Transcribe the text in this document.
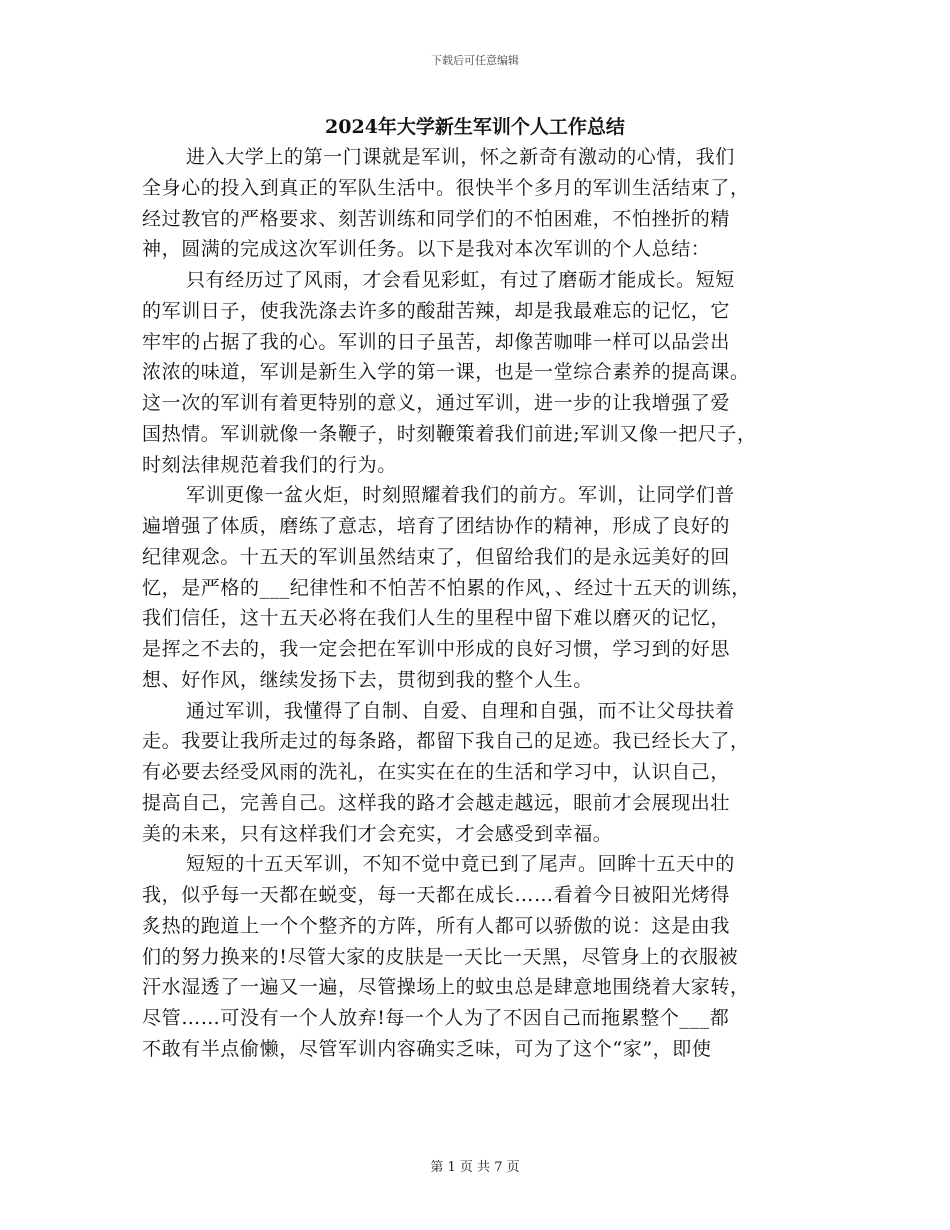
下载后可任意编辑
2024年大学新生军训个人工作总结
进入大学上的第一门课就是军训，怀之新奇有激动的心情，我们
全身心的投入到真正的军队生活中。很快半个多月的军训生活结束了，
经过教官的严格要求、刻苦训练和同学们的不怕困难，不怕挫折的精
神，圆满的完成这次军训任务。以下是我对本次军训的个人总结：
只有经历过了风雨，才会看见彩虹，有过了磨砺才能成长。短短
的军训日子，使我洗涤去许多的酸甜苦辣，却是我最难忘的记忆，它
牢牢的占据了我的心。军训的日子虽苦，却像苦咖啡一样可以品尝出
浓浓的味道，军训是新生入学的第一课，也是一堂综合素养的提高课。
这一次的军训有着更特别的意义，通过军训，进一步的让我增强了爱
国热情。军训就像一条鞭子，时刻鞭策着我们前进;军训又像一把尺子，
时刻法律规范着我们的行为。
军训更像一盆火炬，时刻照耀着我们的前方。军训，让同学们普
遍增强了体质，磨练了意志，培育了团结协作的精神，形成了良好的
纪律观念。十五天的军训虽然结束了，但留给我们的是永远美好的回
忆，是严格的___纪律性和不怕苦不怕累的作风，、经过十五天的训练，
我们信任，这十五天必将在我们人生的里程中留下难以磨灭的记忆，
是挥之不去的，我一定会把在军训中形成的良好习惯，学习到的好思
想、好作风，继续发扬下去，贯彻到我的整个人生。
通过军训，我懂得了自制、自爱、自理和自强，而不让父母扶着
走。我要让我所走过的每条路，都留下我自己的足迹。我已经长大了，
有必要去经受风雨的洗礼，在实实在在的生活和学习中，认识自己，
提高自己，完善自己。这样我的路才会越走越远，眼前才会展现出壮
美的未来，只有这样我们才会充实，才会感受到幸福。
短短的十五天军训，不知不觉中竟已到了尾声。回眸十五天中的
我，似乎每一天都在蜕变，每一天都在成长……看着今日被阳光烤得
炙热的跑道上一个个整齐的方阵，所有人都可以骄傲的说：这是由我
们的努力换来的!尽管大家的皮肤是一天比一天黑，尽管身上的衣服被
汗水湿透了一遍又一遍，尽管操场上的蚊虫总是肆意地围绕着大家转，
尽管……可没有一个人放弃!每一个人为了不因自己而拖累整个___都
不敢有半点偷懒，尽管军训内容确实乏味，可为了这个“家”，即使
第 1 页 共 7 页
